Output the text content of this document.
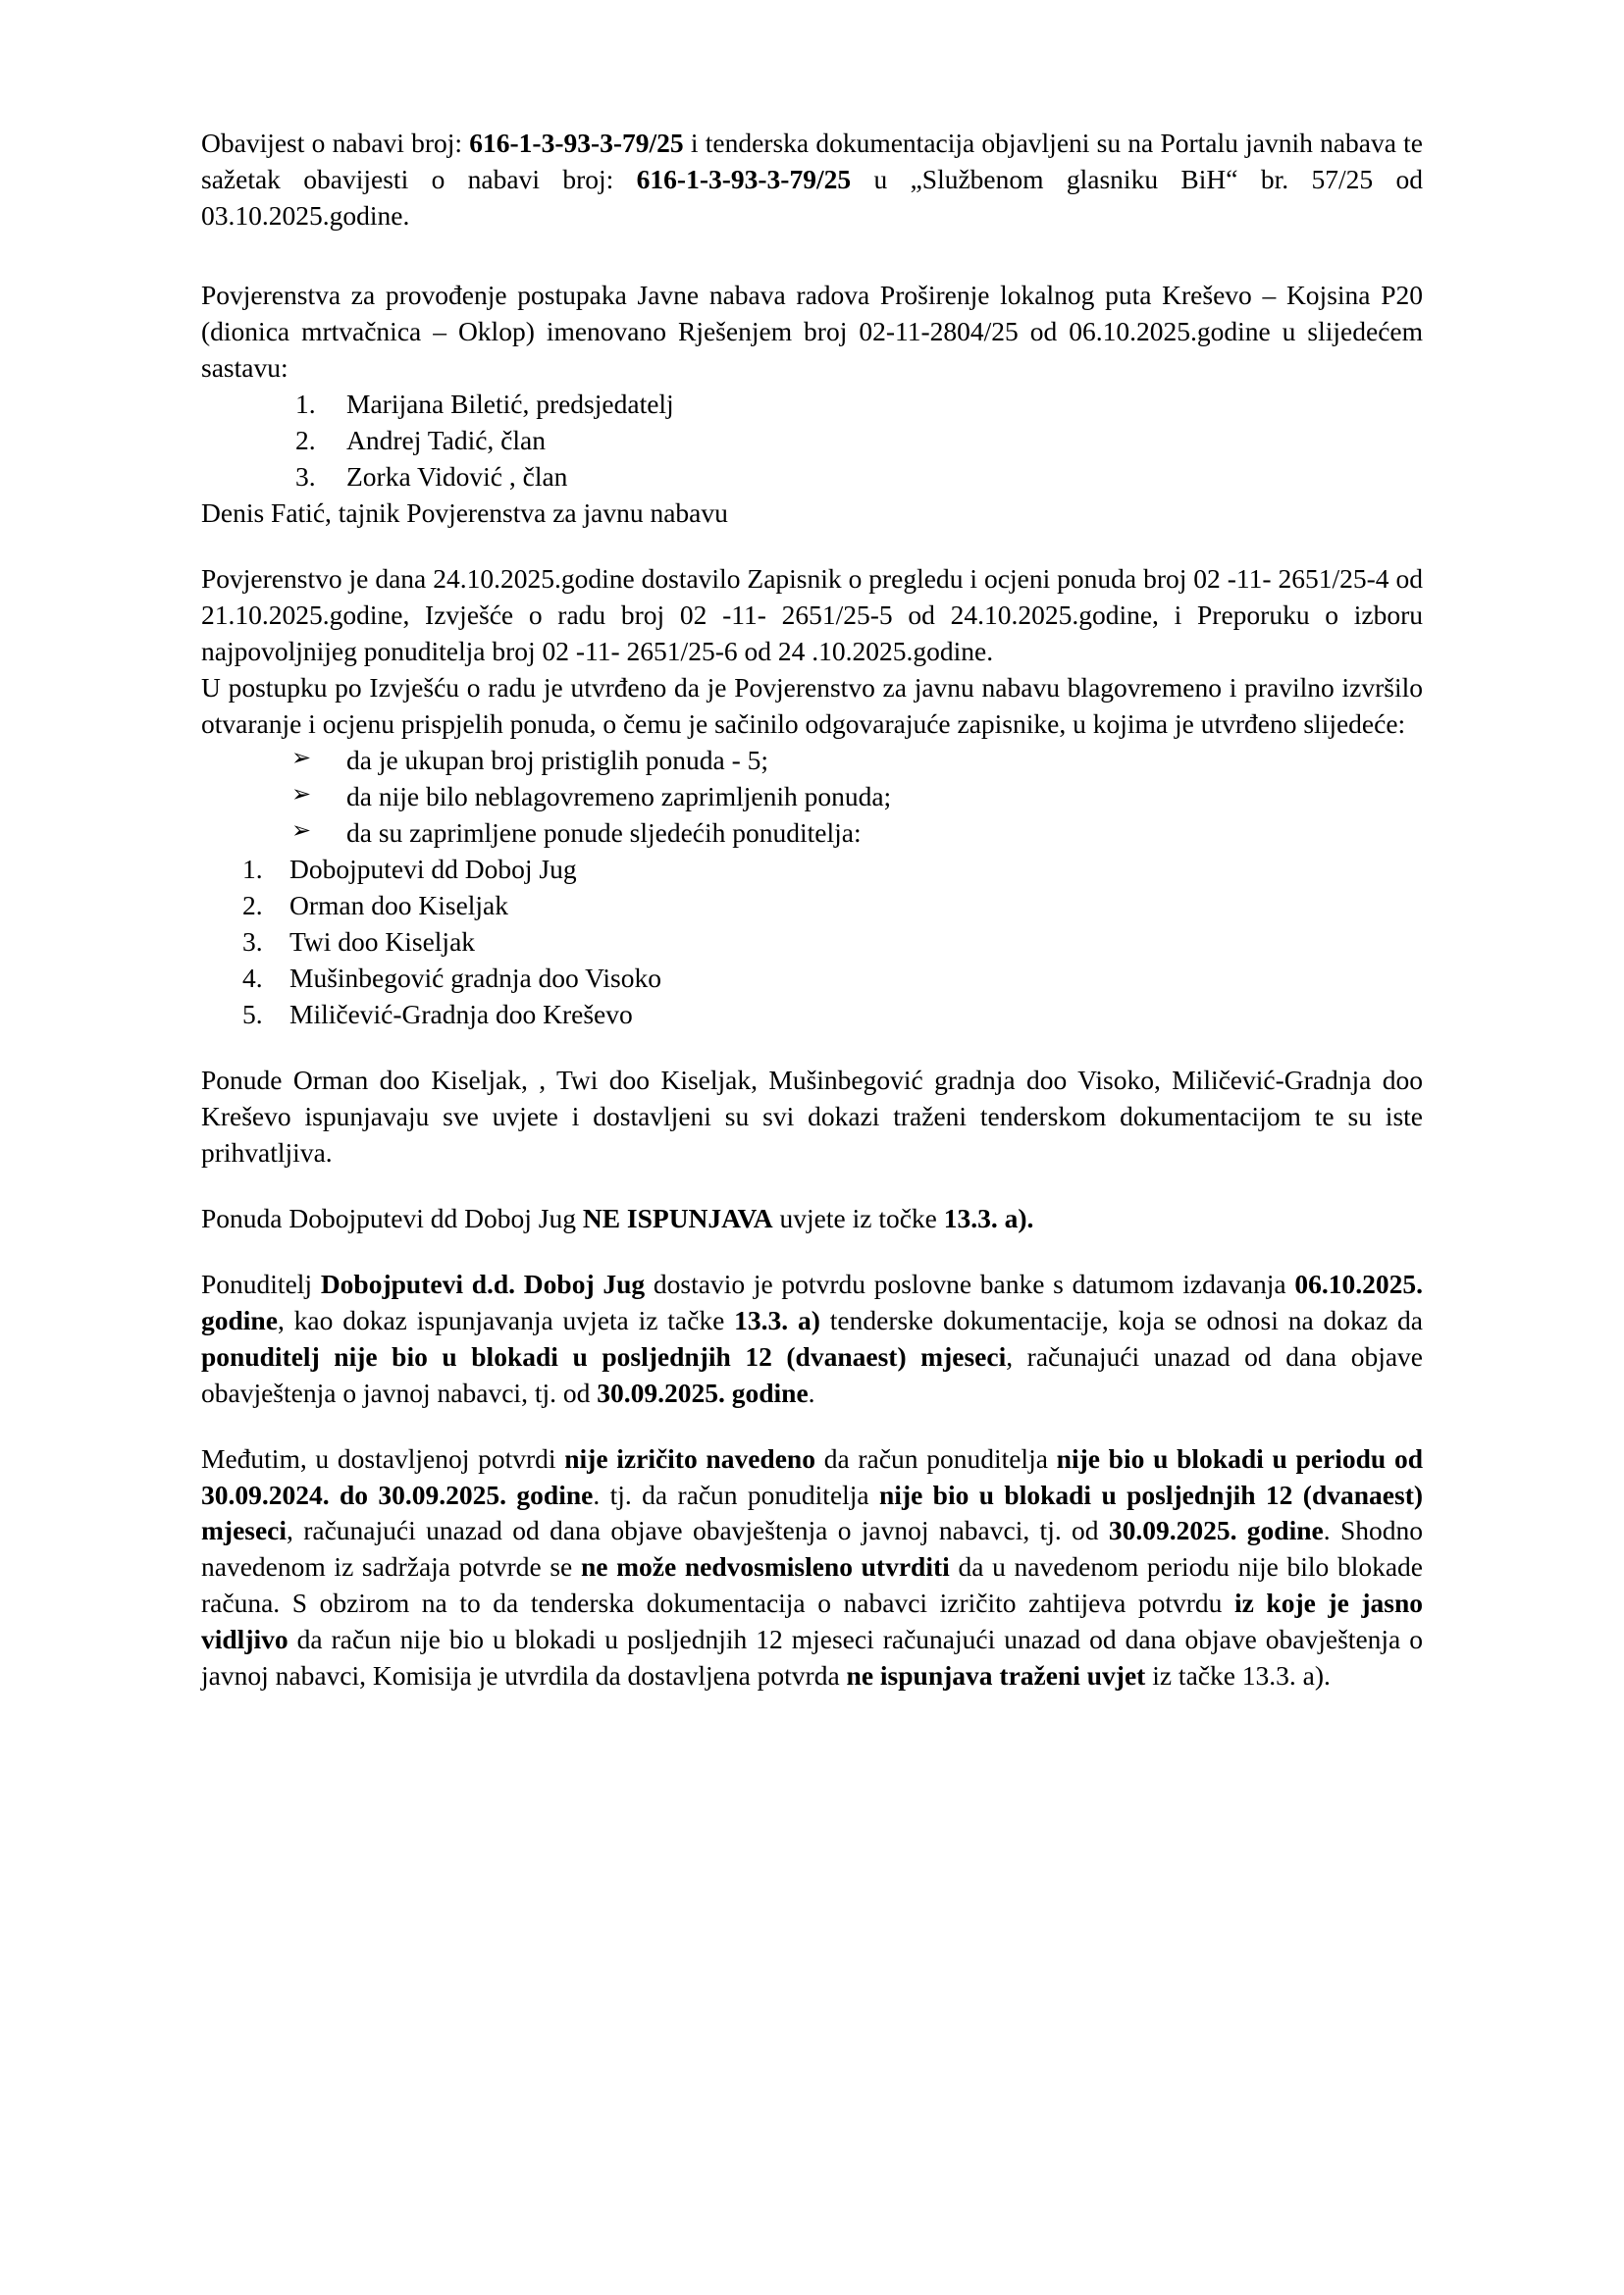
Obavijest o nabavi broj: 616-1-3-93-3-79/25 i tenderska dokumentacija objavljeni su na Portalu javnih nabava te sažetak obavijesti o nabavi broj: 616-1-3-93-3-79/25 u „Službenom glasniku BiH“ br. 57/25 od 03.10.2025.godine.

Povjerenstva za provođenje postupaka Javne nabava radova Proširenje lokalnog puta Kreševo – Kojsina P20 (dionica mrtvačnica – Oklop) imenovano Rješenjem broj 02-11-2804/25 od 06.10.2025.godine u slijedećem sastavu:

1.	Marijana Biletić, predsjedatelj
2.	Andrej Tadić, član
3.	Zorka Vidović , član

Denis Fatić, tajnik Povjerenstva za javnu nabavu

Povjerenstvo je dana 24.10.2025.godine dostavilo Zapisnik o pregledu i ocjeni ponuda broj 02 -11- 2651/25-4 od 21.10.2025.godine, Izvješće o radu broj 02 -11- 2651/25-5 od 24.10.2025.godine, i Preporuku o izboru najpovoljnijeg ponuditelja broj 02 -11- 2651/25-6 od 24 .10.2025.godine.

U postupku po Izvješću o radu je utvrđeno da je Povjerenstvo za javnu nabavu blagovremeno i pravilno izvršilo otvaranje i ocjenu prispjelih ponuda, o čemu je sačinilo odgovarajuće zapisnike, u kojima je utvrđeno slijedeće:

➢ da je ukupan broj pristiglih ponuda - 5;
➢ da nije bilo neblagovremeno zaprimljenih ponuda;
➢ da su zaprimljene ponude sljedećih ponuditelja:
1. Dobojputevi dd Doboj Jug
2. Orman doo Kiseljak
3. Twi doo Kiseljak
4. Mušinbegović gradnja doo Visoko
5. Miličević-Gradnja doo Kreševo

Ponude Orman doo Kiseljak, , Twi doo Kiseljak, Mušinbegović gradnja doo Visoko, Miličević-Gradnja doo Kreševo ispunjavaju sve uvjete i dostavljeni su svi dokazi traženi tenderskom dokumentacijom te su iste prihvatljiva.

Ponuda Dobojputevi dd Doboj Jug NE ISPUNJAVA uvjete iz točke 13.3. a).

Ponuditelj Dobojputevi d.d. Doboj Jug dostavio je potvrdu poslovne banke s datumom izdavanja 06.10.2025. godine, kao dokaz ispunjavanja uvjeta iz tačke 13.3. a) tenderske dokumentacije, koja se odnosi na dokaz da ponuditelj nije bio u blokadi u posljednjih 12 (dvanaest) mjeseci, računajući unazad od dana objave obavještenja o javnoj nabavci, tj. od 30.09.2025. godine.

Međutim, u dostavljenoj potvrdi nije izričito navedeno da račun ponuditelja nije bio u blokadi u periodu od 30.09.2024. do 30.09.2025. godine. tj. da račun ponuditelja nije bio u blokadi u posljednjih 12 (dvanaest) mjeseci, računajući unazad od dana objave obavještenja o javnoj nabavci, tj. od 30.09.2025. godine. Shodno navedenom iz sadržaja potvrde se ne može nedvosmisleno utvrditi da u navedenom periodu nije bilo blokade računa. S obzirom na to da tenderska dokumentacija o nabavci izričito zahtijeva potvrdu iz koje je jasno vidljivo da račun nije bio u blokadi u posljednjih 12 mjeseci računajući unazad od dana objave obavještenja o javnoj nabavci, Komisija je utvrdila da dostavljena potvrda ne ispunjava traženi uvjet iz tačke 13.3. a).
